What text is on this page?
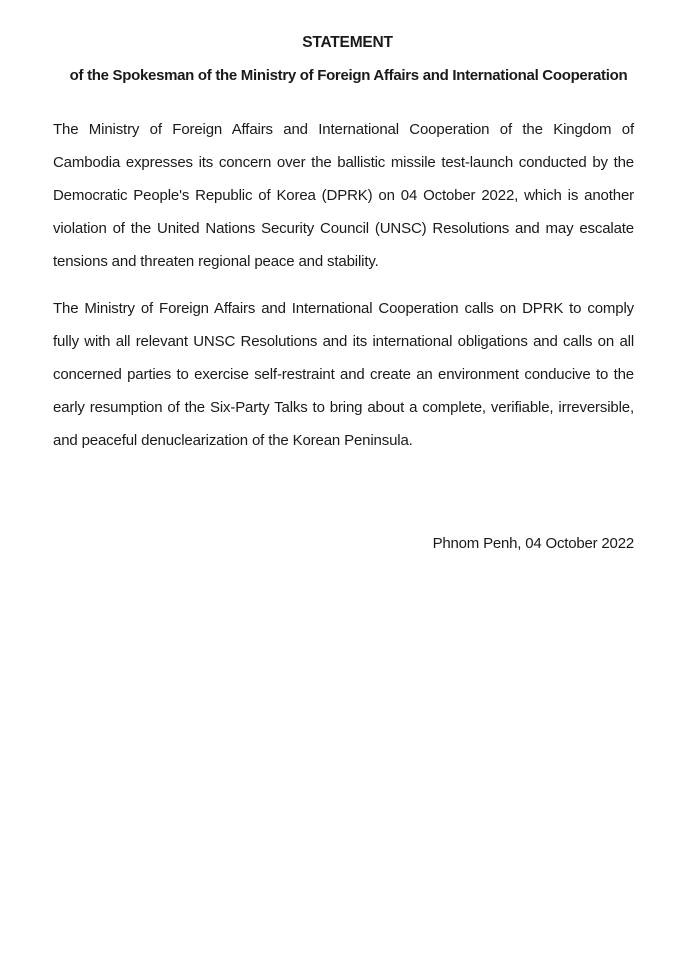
STATEMENT
of the Spokesman of the Ministry of Foreign Affairs and International Cooperation

The Ministry of Foreign Affairs and International Cooperation of the Kingdom of Cambodia expresses its concern over the ballistic missile test-launch conducted by the Democratic People's Republic of Korea (DPRK) on 04 October 2022, which is another violation of the United Nations Security Council (UNSC) Resolutions and may escalate tensions and threaten regional peace and stability.

The Ministry of Foreign Affairs and International Cooperation calls on DPRK to comply fully with all relevant UNSC Resolutions and its international obligations and calls on all concerned parties to exercise self-restraint and create an environment conducive to the early resumption of the Six-Party Talks to bring about a complete, verifiable, irreversible, and peaceful denuclearization of the Korean Peninsula.

Phnom Penh, 04 October 2022
